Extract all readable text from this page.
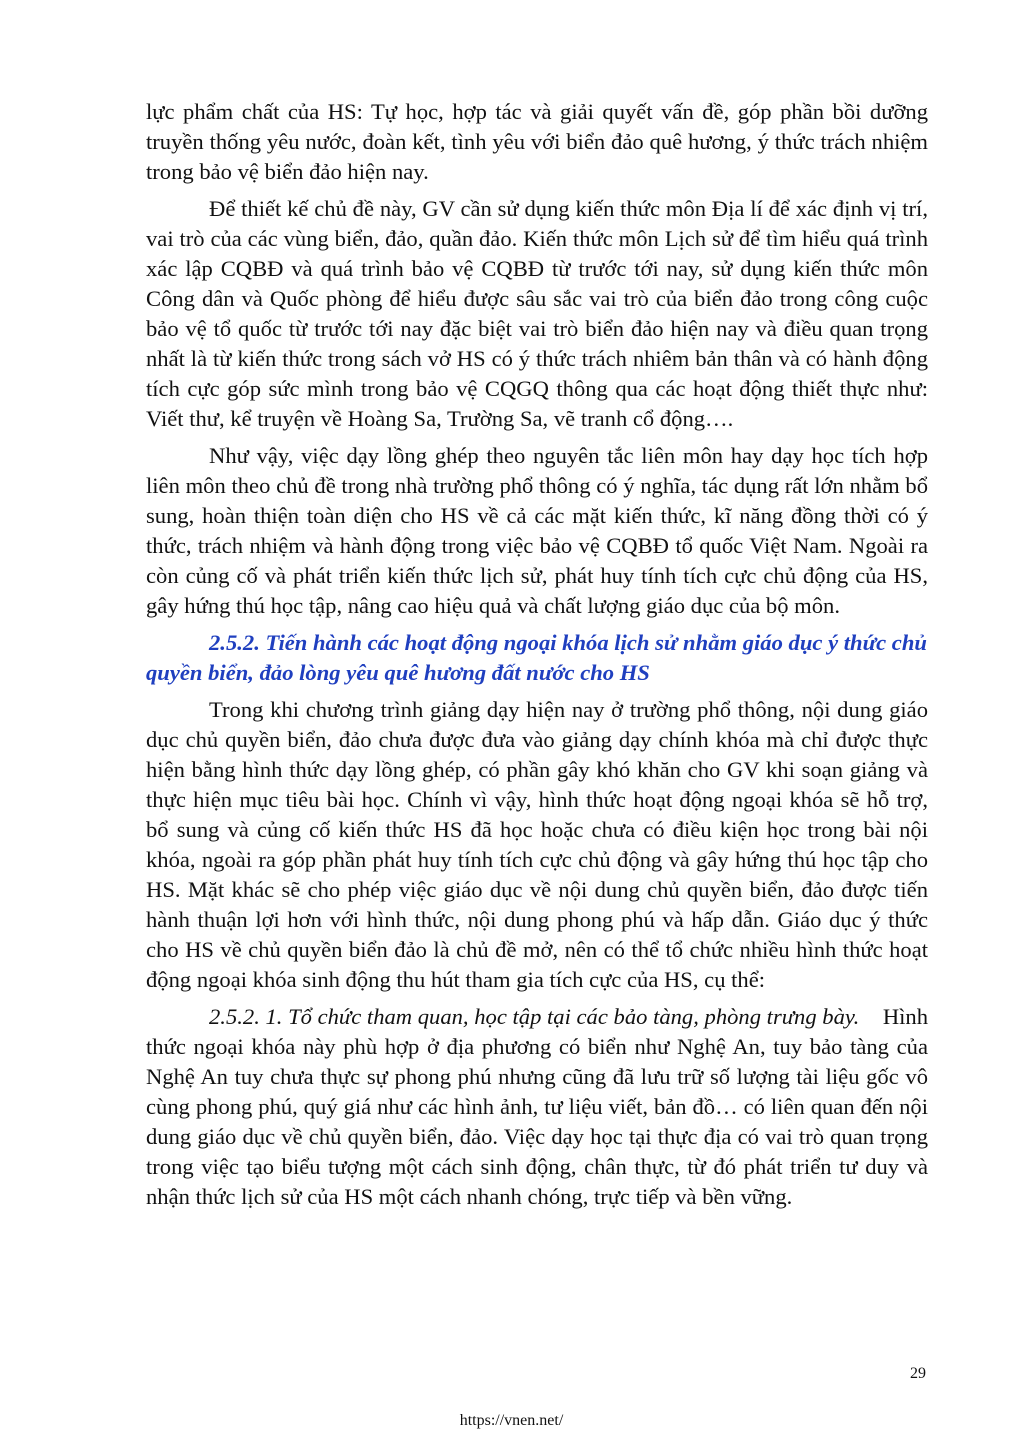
lực phẩm chất của HS: Tự học, hợp tác và giải quyết vấn đề, góp phần bồi dưỡng truyền thống yêu nước, đoàn kết, tình yêu với biển đảo quê hương, ý thức trách nhiệm trong bảo vệ biển đảo hiện nay.

Để thiết kế chủ đề này, GV cần sử dụng kiến thức môn Địa lí để xác định vị trí, vai trò của các vùng biển, đảo, quần đảo. Kiến thức môn Lịch sử để tìm hiểu quá trình xác lập CQBĐ và quá trình bảo vệ CQBĐ từ trước tới nay, sử dụng kiến thức môn Công dân và Quốc phòng để hiểu được sâu sắc vai trò của biển đảo trong công cuộc bảo vệ tổ quốc từ trước tới nay đặc biệt vai trò biển đảo hiện nay và điều quan trọng nhất là từ kiến thức trong sách vở HS có ý thức trách nhiêm bản thân và có hành động tích cực góp sức mình trong bảo vệ CQGQ thông qua các hoạt động thiết thực như: Viết thư, kể truyện về Hoàng Sa, Trường Sa, vẽ tranh cổ động….

Như vậy, việc dạy lồng ghép theo nguyên tắc liên môn hay dạy học tích hợp liên môn theo chủ đề trong nhà trường phổ thông có ý nghĩa, tác dụng rất lớn nhằm bổ sung, hoàn thiện toàn diện cho HS về cả các mặt kiến thức, kĩ năng đồng thời có ý thức, trách nhiệm và hành động trong việc bảo vệ CQBĐ tổ quốc Việt Nam. Ngoài ra còn củng cố và phát triển kiến thức lịch sử, phát huy tính tích cực chủ động của HS, gây hứng thú học tập, nâng cao hiệu quả và chất lượng giáo dục của bộ môn.

2.5.2. Tiến hành các hoạt động ngoại khóa lịch sử nhằm giáo dục ý thức chủ quyền biển, đảo lòng yêu quê hương đất nước cho HS

Trong khi chương trình giảng dạy hiện nay ở trường phổ thông, nội dung giáo dục chủ quyền biển, đảo chưa được đưa vào giảng dạy chính khóa mà chỉ được thực hiện bằng hình thức dạy lồng ghép, có phần gây khó khăn cho GV khi soạn giảng và thực hiện mục tiêu bài học. Chính vì vậy, hình thức hoạt động ngoại khóa sẽ hỗ trợ, bổ sung và củng cố kiến thức HS đã học hoặc chưa có điều kiện học trong bài nội khóa, ngoài ra góp phần phát huy tính tích cực chủ động và gây hứng thú học tập cho HS. Mặt khác sẽ cho phép việc giáo dục về nội dung chủ quyền biển, đảo được tiến hành thuận lợi hơn với hình thức, nội dung phong phú và hấp dẫn. Giáo dục ý thức cho HS về chủ quyền biển đảo là chủ đề mở, nên có thể tổ chức nhiều hình thức hoạt động ngoại khóa sinh động thu hút tham gia tích cực của HS, cụ thể:

2.5.2. 1. Tổ chức tham quan, học tập tại các bảo tàng, phòng trưng bày. Hình thức ngoại khóa này phù hợp ở địa phương có biển như Nghệ An, tuy bảo tàng của Nghệ An tuy chưa thực sự phong phú nhưng cũng đã lưu trữ số lượng tài liệu gốc vô cùng phong phú, quý giá như các hình ảnh, tư liệu viết, bản đồ… có liên quan đến nội dung giáo dục về chủ quyền biển, đảo. Việc dạy học tại thực địa có vai trò quan trọng trong việc tạo biểu tượng một cách sinh động, chân thực, từ đó phát triển tư duy và nhận thức lịch sử của HS một cách nhanh chóng, trực tiếp và bền vững.

29
https://vnen.net/
